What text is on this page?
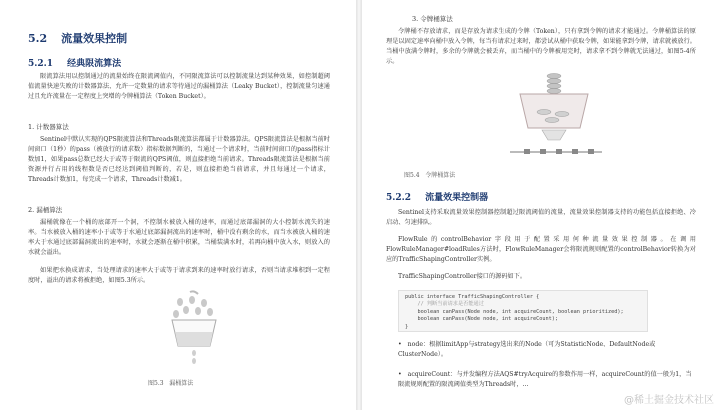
5.2 流量效果控制
5.2.1 经典限流算法
限流算法用以控制通过的流量始终在限流阈值内，不同限流算法可以控制流量达到某种效果，如控制超阈值流量快速失败的计数器算法、允许一定数量的请求等待通过的漏桶算法（Leaky Bucket），控制流量匀速通过且允许流量在一定程度上突增的令牌桶算法（Token Bucket）。
1. 计数器算法
Sentinel中默认实现的QPS限流算法和Threads限流算法都属于计数器算法。QPS限流算法是根据当前时间窗口（1秒）的pass（被放行的请求数）指标数据判断的，当通过一个请求时，当前时间窗口的pass指标计数加1，如果pass总数已经大于或等于限流的QPS阈值，则直接拒绝当前请求。Threads限流算法是根据当前资源并行占用的线程数是否已经达到阈值判断的，若是，则直接拒绝当前请求，并且每通过一个请求，Threads计数加1，每完成一个请求，Threads计数减1。
2. 漏桶算法
漏桶就像在一个桶的底部开一个洞，不控制水被放入桶的速率，而通过底部漏洞的大小控制水流失的速率。当水被放入桶的速率小于或等于水通过底部漏洞流出的速率时，桶中没有剩余的水，而当水被放入桶的速率大于水通过底部漏洞流出的速率时，水就会逐渐在桶中积累，当桶装满水时，若再向桶中放入水，则放入的水就会溢出。
如果把水换成请求，当处理请求的速率大于或等于请求到来的速率时放行请求，否则当请求堆积到一定程度时，溢出的请求将被拒绝，如图5.3所示。
图5.3 漏桶算法
3. 令牌桶算法
令牌桶不存放请求，而是存放为请求生成的令牌（Token），只有拿到令牌的请求才能通过。令牌桶算法的原理是以固定速率向桶中放入令牌，每当有请求过来时，都尝试从桶中获取令牌，如果能拿到令牌，请求就被放行。当桶中放满令牌时，多余的令牌就会被丢弃，而当桶中的令牌被用完时，请求拿不到令牌就无法通过，如图5-4所示。
图5.4 令牌桶算法
5.2.2 流量效果控制器
Sentinel支持采取流量效果控制器控制超过限流阈值的流量，流量效果控制器支持的功能包括直接拒绝、冷启动、匀速排队。
FlowRule的controlBehavior字段用于配置采用何种流量效果控制器。在调用FlowRuleManager#loadRules方法时，FlowRuleManager会将限流规则配置的controlBehavior转换为对应的TrafficShapingController实例。
TrafficShapingController接口的源码如下。
public interface TrafficShapingController {
// 判断当前请求是否能通过
boolean canPass(Node node, int acquireCount, boolean prioritized);
boolean canPass(Node node, int acquireCount);
}
• node：根据limitApp与strategy选出来的Node（可为StatisticNode、DefaultNode或ClusterNode）。
• acquireCount：与并发编程方法AQS#tryAcquire的参数作用一样，acquireCount的值一般为1，当限流规则配置的限流阈值类型为Threads时，...
@稀土掘金技术社区
